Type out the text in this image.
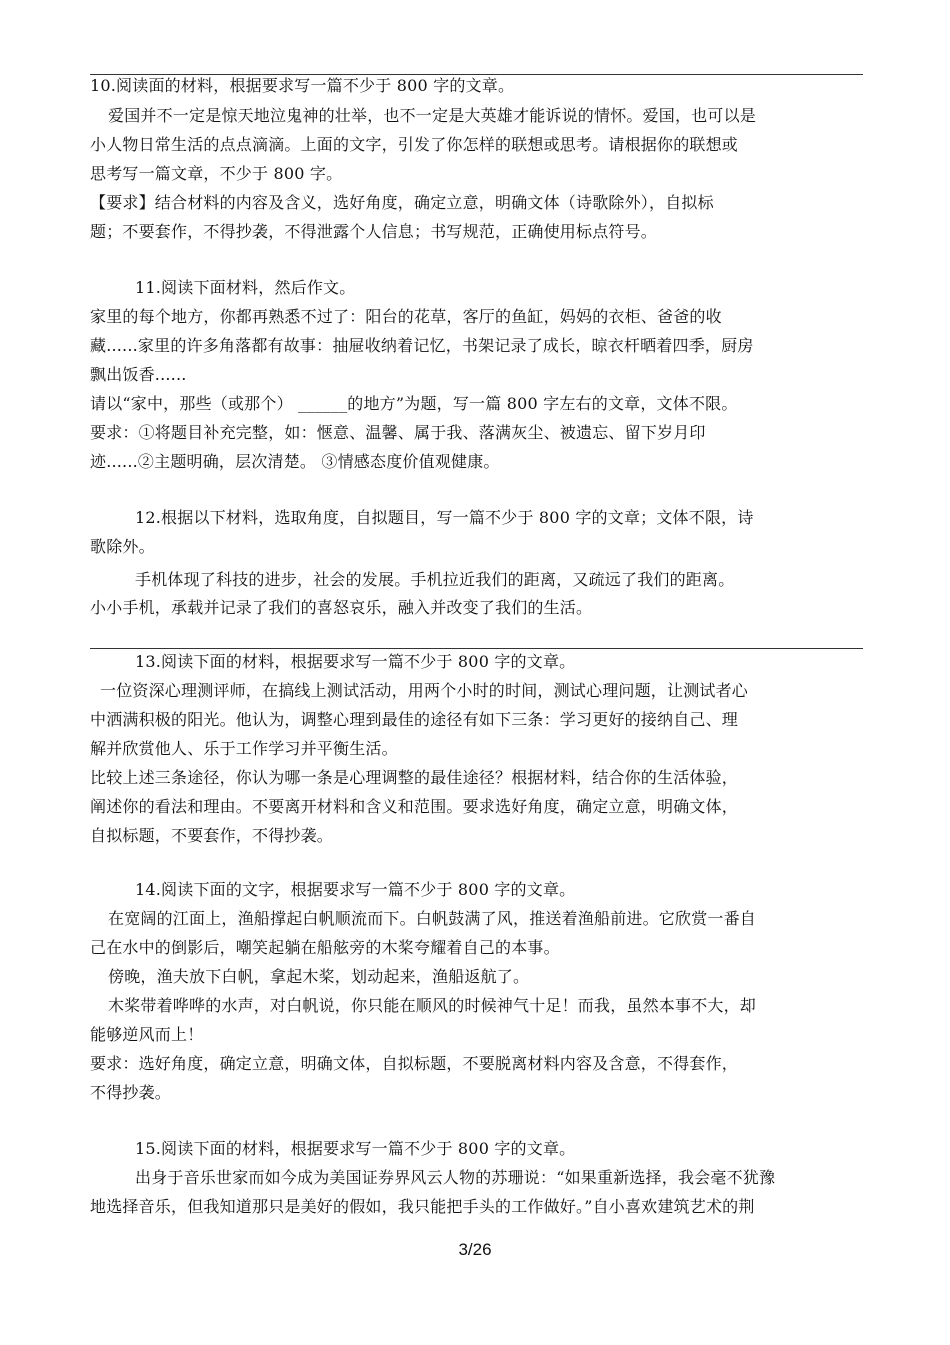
10.阅读面的材料，根据要求写一篇不少于 800 字的文章。
爱国并不一定是惊天地泣鬼神的壮举，也不一定是大英雄才能诉说的情怀。爱国，也可以是
小人物日常生活的点点滴滴。上面的文字，引发了你怎样的联想或思考。请根据你的联想或
思考写一篇文章，不少于 800 字。
【要求】结合材料的内容及含义，选好角度，确定立意，明确文体（诗歌除外），自拟标
题；不要套作，不得抄袭，不得泄露个人信息；书写规范，正确使用标点符号。
11.阅读下面材料，然后作文。
家里的每个地方，你都再熟悉不过了：阳台的花草，客厅的鱼缸，妈妈的衣柜、爸爸的收
藏......家里的许多角落都有故事：抽屉收纳着记忆，书架记录了成长，晾衣杆晒着四季，厨房
飘出饭香......
请以“家中，那些（或那个） ______的地方”为题，写一篇 800 字左右的文章，文体不限。
要求：①将题目补充完整，如：惬意、温馨、属于我、落满灰尘、被遗忘、留下岁月印
迹......②主题明确，层次清楚。 ③情感态度价值观健康。
12.根据以下材料，选取角度，自拟题目，写一篇不少于 800 字的文章；文体不限，诗
歌除外。
手机体现了科技的进步，社会的发展。手机拉近我们的距离，又疏远了我们的距离。
小小手机，承载并记录了我们的喜怒哀乐，融入并改变了我们的生活。
13.阅读下面的材料，根据要求写一篇不少于 800 字的文章。
一位资深心理测评师，在搞线上测试活动，用两个小时的时间，测试心理问题，让测试者心
中洒满积极的阳光。他认为，调整心理到最佳的途径有如下三条：学习更好的接纳自己、理
解并欣赏他人、乐于工作学习并平衡生活。
比较上述三条途径，你认为哪一条是心理调整的最佳途径？根据材料，结合你的生活体验，
阐述你的看法和理由。不要离开材料和含义和范围。要求选好角度，确定立意，明确文体，
自拟标题，不要套作，不得抄袭。
14.阅读下面的文字，根据要求写一篇不少于 800 字的文章。
在宽阔的江面上，渔船撑起白帆顺流而下。白帆鼓满了风，推送着渔船前进。它欣赏一番自
己在水中的倒影后，嘲笑起躺在船舷旁的木桨夸耀着自己的本事。
傍晚，渔夫放下白帆，拿起木桨，划动起来，渔船返航了。
木桨带着哗哗的水声，对白帆说，你只能在顺风的时候神气十足！而我，虽然本事不大，却
能够逆风而上！
要求：选好角度，确定立意，明确文体，自拟标题，不要脱离材料内容及含意，不得套作，
不得抄袭。
15.阅读下面的材料，根据要求写一篇不少于 800 字的文章。
出身于音乐世家而如今成为美国证券界风云人物的苏珊说：“如果重新选择，我会毫不犹豫
地选择音乐，但我知道那只是美好的假如，我只能把手头的工作做好。”自小喜欢建筑艺术的荆
3/26
